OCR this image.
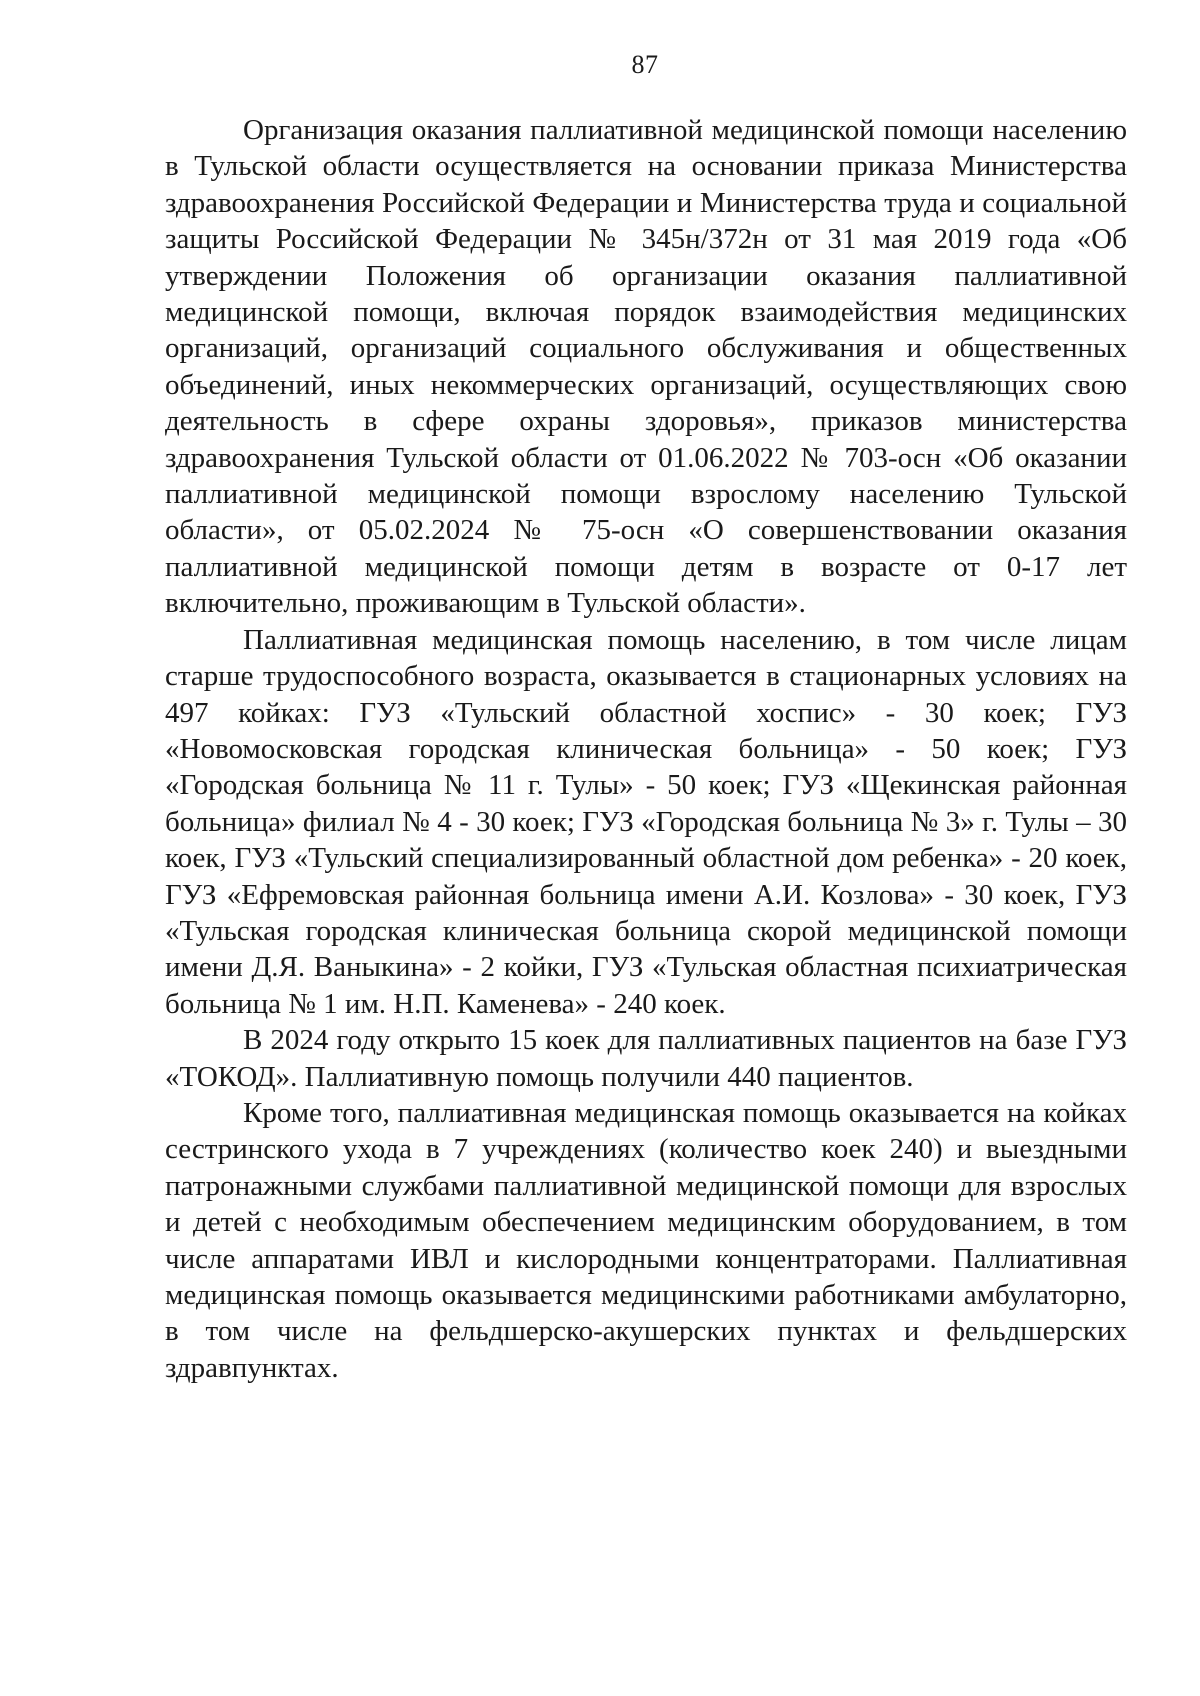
87

Организация оказания паллиативной медицинской помощи населению в Тульской области осуществляется на основании приказа Министерства здравоохранения Российской Федерации и Министерства труда и социальной защиты Российской Федерации № 345н/372н от 31 мая 2019 года «Об утверждении Положения об организации оказания паллиативной медицинской помощи, включая порядок взаимодействия медицинских организаций, организаций социального обслуживания и общественных объединений, иных некоммерческих организаций, осуществляющих свою деятельность в сфере охраны здоровья», приказов министерства здравоохранения Тульской области от 01.06.2022 № 703-осн «Об оказании паллиативной медицинской помощи взрослому населению Тульской области», от 05.02.2024 № 75-осн «О совершенствовании оказания паллиативной медицинской помощи детям в возрасте от 0-17 лет включительно, проживающим в Тульской области».

Паллиативная медицинская помощь населению, в том числе лицам старше трудоспособного возраста, оказывается в стационарных условиях на 497 койках: ГУЗ «Тульский областной хоспис» - 30 коек; ГУЗ «Новомосковская городская клиническая больница» - 50 коек; ГУЗ «Городская больница № 11 г. Тулы» - 50 коек; ГУЗ «Щекинская районная больница» филиал № 4 - 30 коек; ГУЗ «Городская больница № 3» г. Тулы – 30 коек, ГУЗ «Тульский специализированный областной дом ребенка» - 20 коек, ГУЗ «Ефремовская районная больница имени А.И. Козлова» - 30 коек, ГУЗ «Тульская городская клиническая больница скорой медицинской помощи имени Д.Я. Ваныкина» - 2 койки, ГУЗ «Тульская областная психиатрическая больница № 1 им. Н.П. Каменева» - 240 коек.

В 2024 году открыто 15 коек для паллиативных пациентов на базе ГУЗ «ТОКОД». Паллиативную помощь получили 440 пациентов.

Кроме того, паллиативная медицинская помощь оказывается на койках сестринского ухода в 7 учреждениях (количество коек 240) и выездными патронажными службами паллиативной медицинской помощи для взрослых и детей с необходимым обеспечением медицинским оборудованием, в том числе аппаратами ИВЛ и кислородными концентраторами. Паллиативная медицинская помощь оказывается медицинскими работниками амбулаторно, в том числе на фельдшерско-акушерских пунктах и фельдшерских здравпунктах.
